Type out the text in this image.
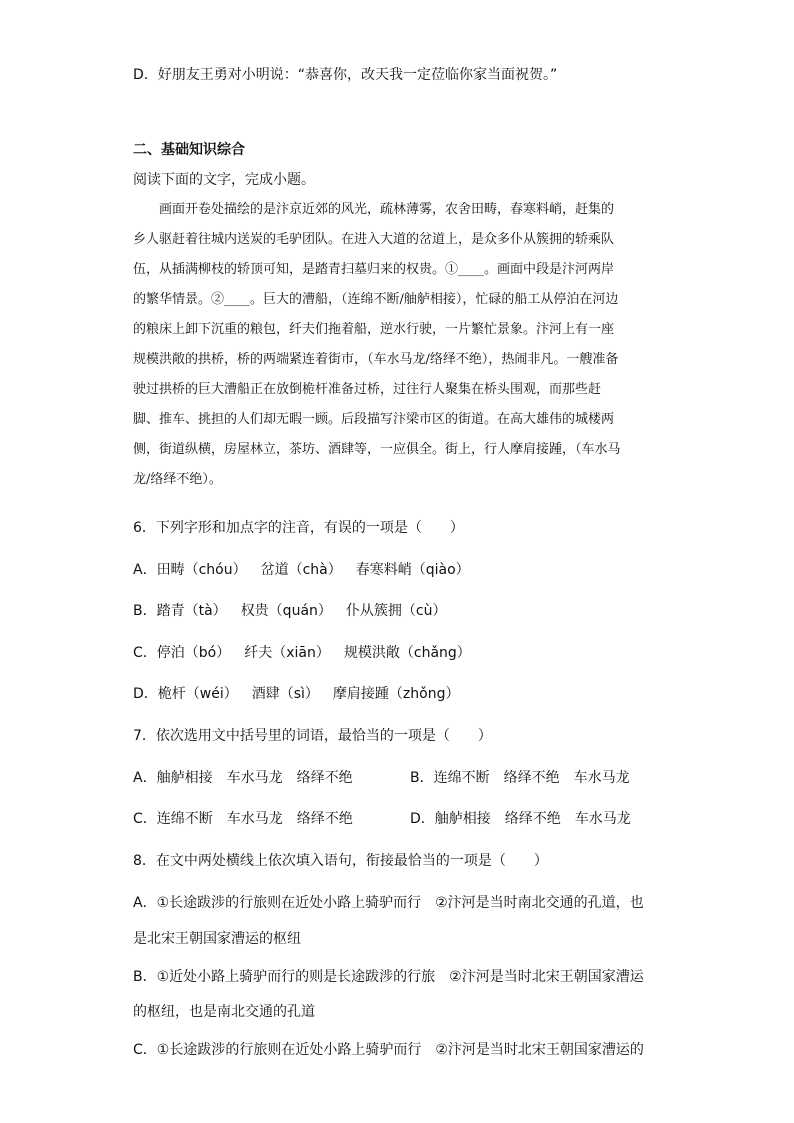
D．好朋友王勇对小明说：“恭喜你，改天我一定莅临你家当面祝贺。”
二、基础知识综合
阅读下面的文字，完成小题。
画面开卷处描绘的是汴京近郊的风光，疏林薄雾，农舍田畴，春寒料峭，赶集的
乡人驱赶着往城内送炭的毛驴团队。在进入大道的岔道上，是众多仆从簇拥的轿乘队
伍，从插满柳枝的轿顶可知，是踏青扫墓归来的权贵。①____。画面中段是汴河两岸
的繁华情景。②____。巨大的漕船，（连绵不断/舳舻相接），忙碌的船工从停泊在河边
的粮床上卸下沉重的粮包，纤夫们拖着船，逆水行驶，一片繁忙景象。汴河上有一座
规模洪敞的拱桥，桥的两端紧连着街市，（车水马龙/络绎不绝），热闹非凡。一艘准备
驶过拱桥的巨大漕船正在放倒桅杆准备过桥，过往行人聚集在桥头围观，而那些赶
脚、推车、挑担的人们却无暇一顾。后段描写汴梁市区的街道。在高大雄伟的城楼两
侧，街道纵横，房屋林立，茶坊、酒肆等，一应俱全。街上，行人摩肩接踵，（车水马
龙/络绎不绝）。
6．下列字形和加点字的注音，有误的一项是（　　）
A．田畴（chóu） 岔道（chà） 春寒料峭（qiào）
B．踏青（tà） 权贵（quán） 仆从簇拥（cù）
C．停泊（bó） 纤夫（xiān） 规模洪敞（chǎng）
D．桅杆（wéi） 酒肆（sì） 摩肩接踵（zhǒng）
7．依次选用文中括号里的词语，最恰当的一项是（　　）
A．舳舻相接　车水马龙　络绎不绝	B．连绵不断　络绎不绝　车水马龙
C．连绵不断　车水马龙　络绎不绝	D．舳舻相接　络绎不绝　车水马龙
8．在文中两处横线上依次填入语句，衔接最恰当的一项是（　　）
A．①长途跋涉的行旅则在近处小路上骑驴而行　②汴河是当时南北交通的孔道，也
是北宋王朝国家漕运的枢纽
B．①近处小路上骑驴而行的则是长途跋涉的行旅　②汴河是当时北宋王朝国家漕运
的枢纽，也是南北交通的孔道
C．①长途跋涉的行旅则在近处小路上骑驴而行　②汴河是当时北宋王朝国家漕运的
